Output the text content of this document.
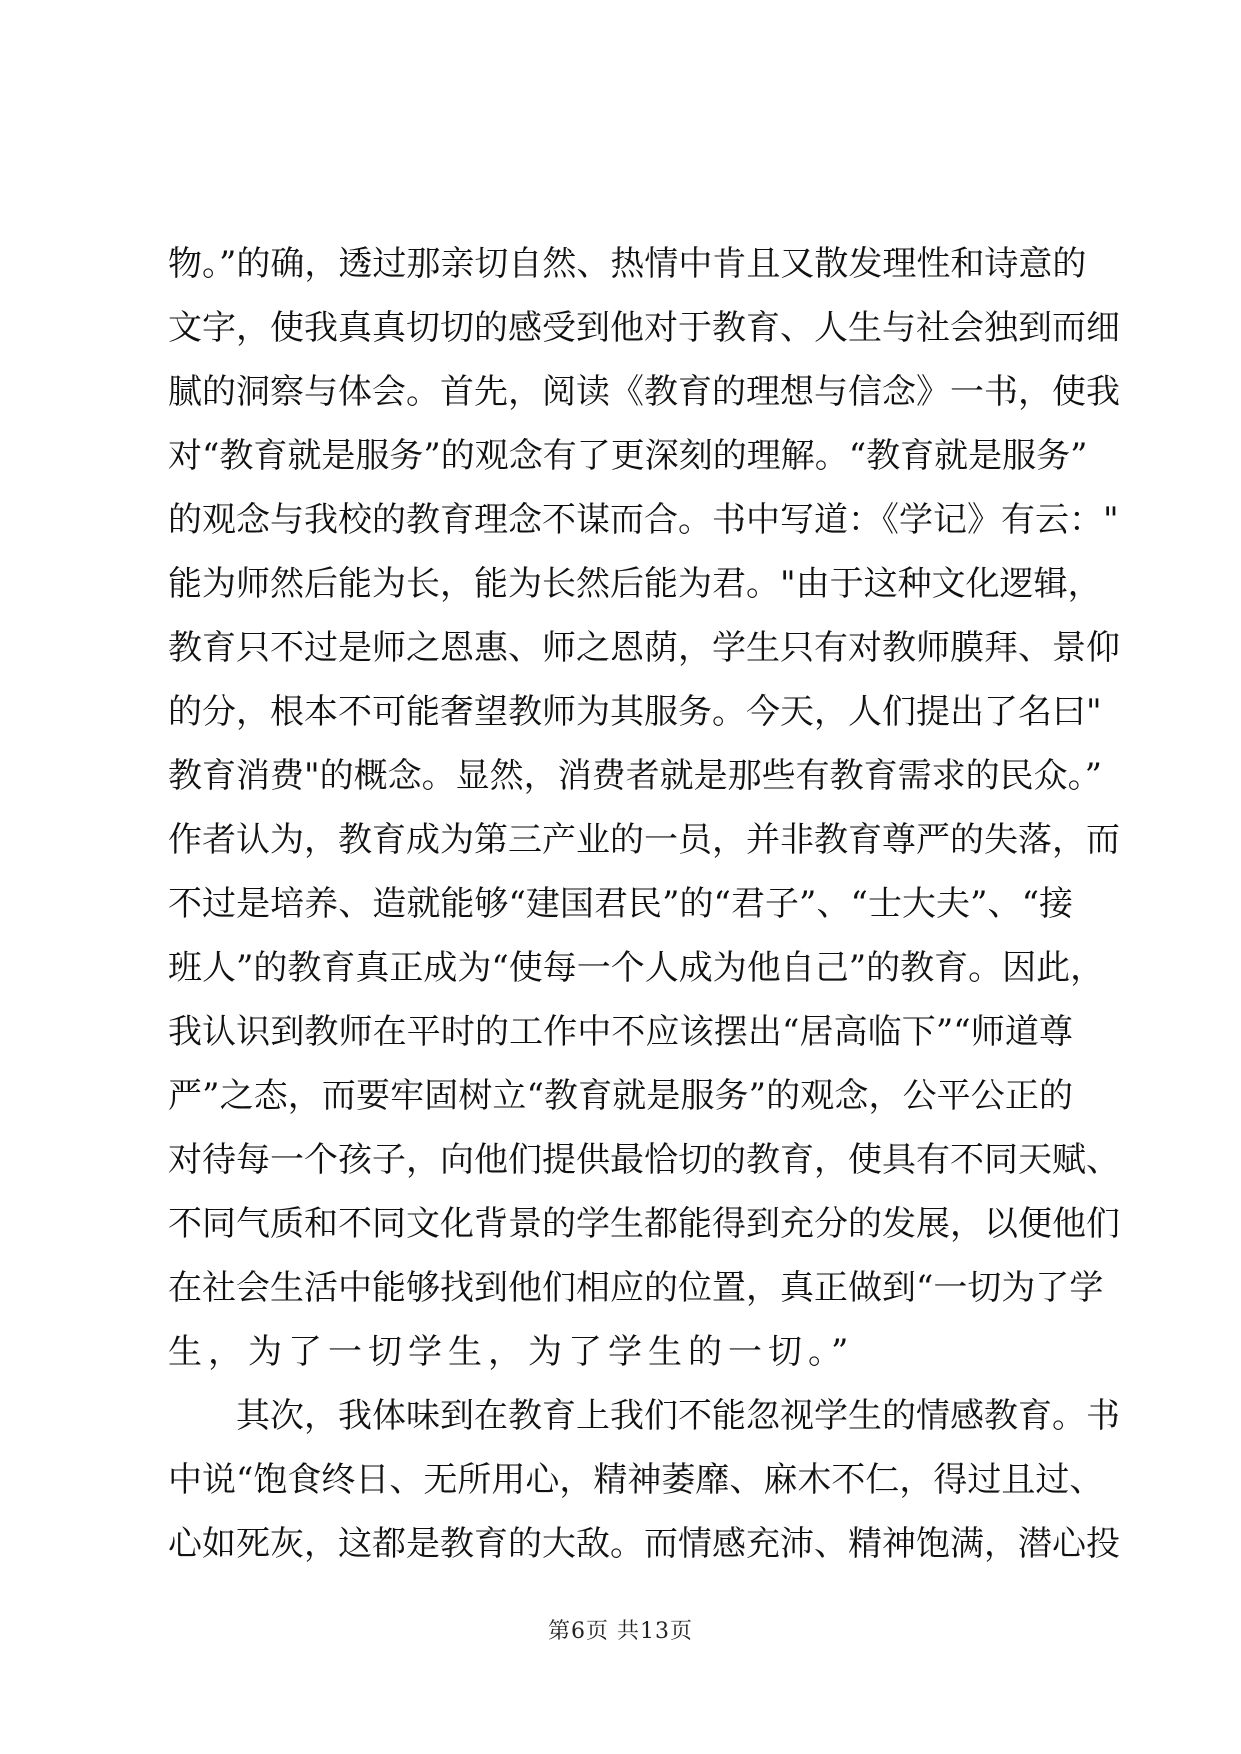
物。”的确，透过那亲切自然、热情中肯且又散发理性和诗意的
文字，使我真真切切的感受到他对于教育、人生与社会独到而细
腻的洞察与体会。首先，阅读《教育的理想与信念》一书，使我
对“教育就是服务”的观念有了更深刻的理解。“教育就是服务”
的观念与我校的教育理念不谋而合。书中写道：《学记》有云："
能为师然后能为长，能为长然后能为君。"由于这种文化逻辑，
教育只不过是师之恩惠、师之恩荫，学生只有对教师膜拜、景仰
的分，根本不可能奢望教师为其服务。今天，人们提出了名曰"
教育消费"的概念。显然，消费者就是那些有教育需求的民众。”
作者认为，教育成为第三产业的一员，并非教育尊严的失落，而
不过是培养、造就能够“建国君民”的“君子”、“士大夫”、“接
班人”的教育真正成为“使每一个人成为他自己”的教育。因此，
我认识到教师在平时的工作中不应该摆出“居高临下”“师道尊
严”之态，而要牢固树立“教育就是服务”的观念，公平公正的
对待每一个孩子，向他们提供最恰切的教育，使具有不同天赋、
不同气质和不同文化背景的学生都能得到充分的发展，以便他们
在社会生活中能够找到他们相应的位置，真正做到“一切为了学
生，为了一切学生，为了学生的一切。”
　　其次，我体味到在教育上我们不能忽视学生的情感教育。书
中说“饱食终日、无所用心，精神萎靡、麻木不仁，得过且过、
心如死灰，这都是教育的大敌。而情感充沛、精神饱满，潜心投
第6页 共13页
